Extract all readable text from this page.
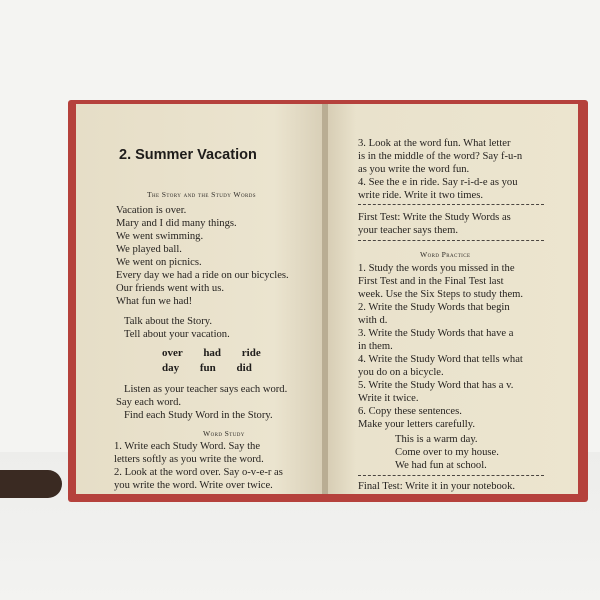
2. Summer Vacation
The Story and the Study Words
Vacation is over.
Mary and I did many things.
We went swimming.
We played ball.
We went on picnics.
Every day we had a ride on our bicycles.
Our friends went with us.
What fun we had!
Talk about the Story.
Tell about your vacation.
over had ride
day fun did
Listen as your teacher says each word.
Say each word.
Find each Study Word in the Story.
Word Study
1. Write each Study Word. Say the
letters softly as you write the word.
2. Look at the word over. Say o-v-e-r as
you write the word. Write over twice.
3. Look at the word fun. What letter
is in the middle of the word? Say f-u-n
as you write the word fun.
4. See the e in ride. Say r-i-d-e as you
write ride. Write it two times.
First Test: Write the Study Words as
your teacher says them.
Word Practice
1. Study the words you missed in the
First Test and in the Final Test last
week. Use the Six Steps to study them.
2. Write the Study Words that begin
with d.
3. Write the Study Words that have a
in them.
4. Write the Study Word that tells what
you do on a bicycle.
5. Write the Study Word that has a v.
Write it twice.
6. Copy these sentences.
Make your letters carefully.
This is a warm day.
Come over to my house.
We had fun at school.
Final Test: Write it in your notebook.
